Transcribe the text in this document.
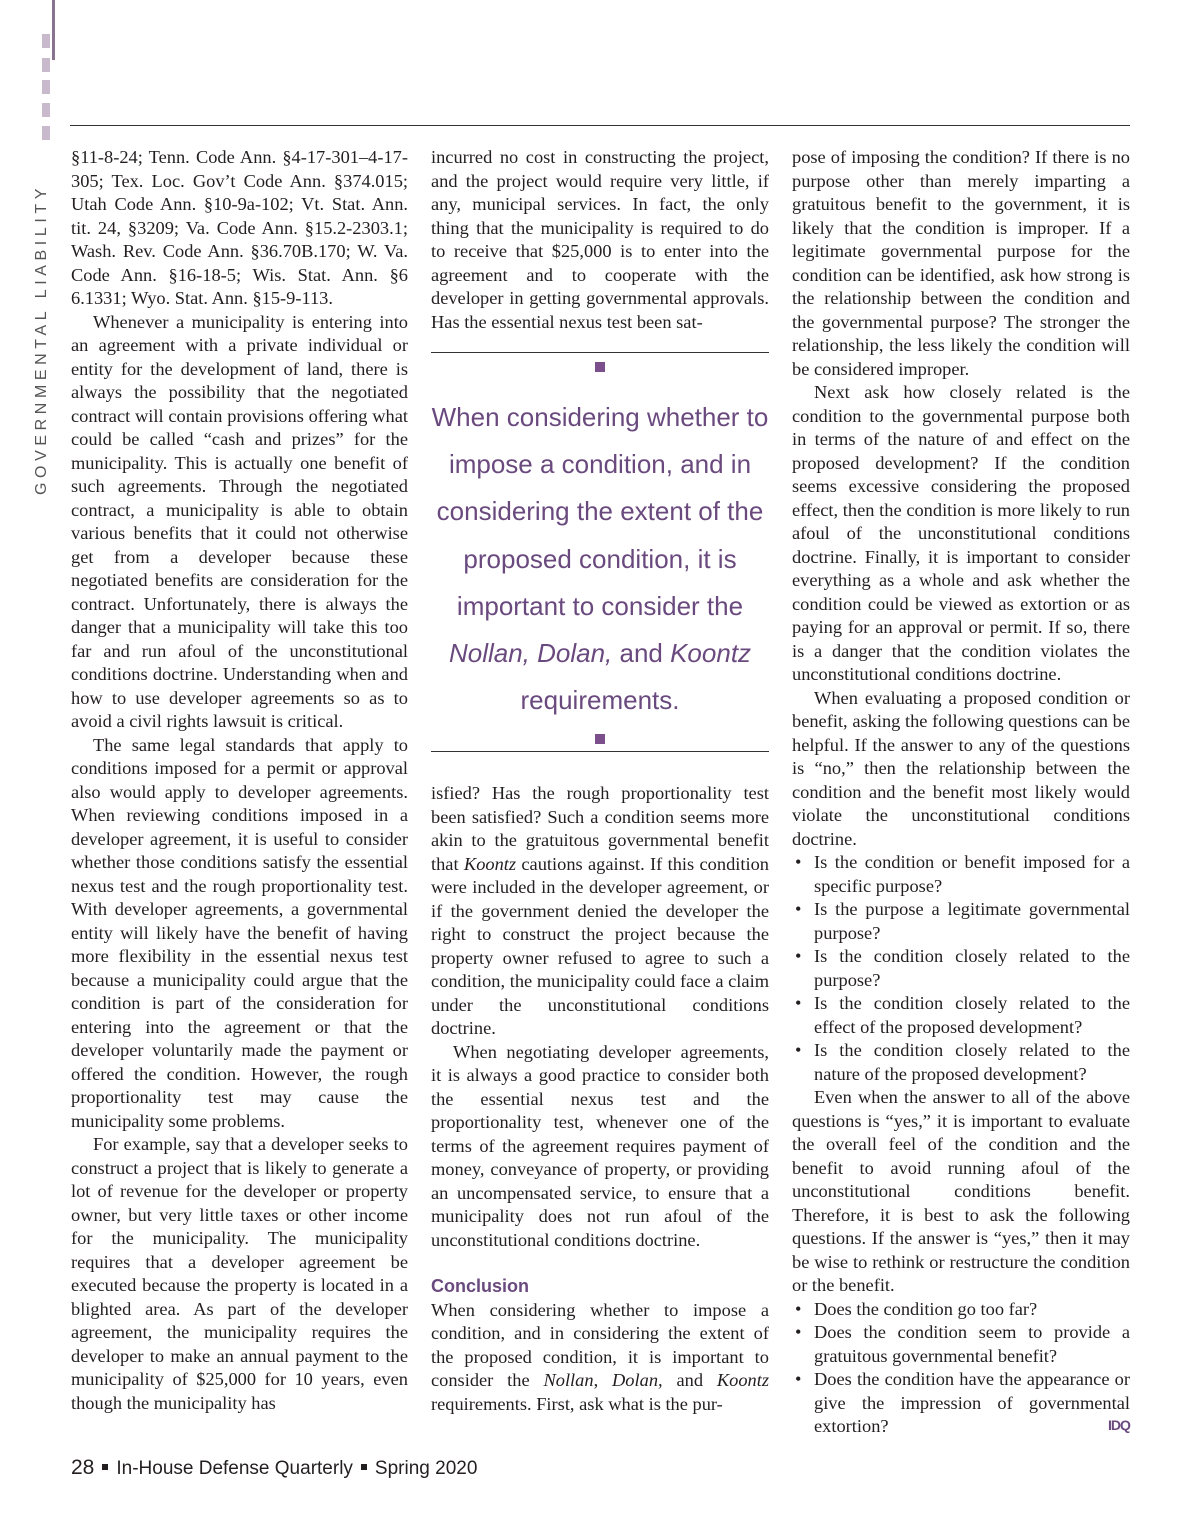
GOVERNMENTAL LIABILITY

§11-8-24; Tenn. Code Ann. §4-17-301–4-17-305; Tex. Loc. Gov’t Code Ann. §374.015; Utah Code Ann. §10-9a-102; Vt. Stat. Ann. tit. 24, §3209; Va. Code Ann. §15.2-2303.1; Wash. Rev. Code Ann. §36.70B.170; W. Va. Code Ann. §16-18-5; Wis. Stat. Ann. §6 6.1331; Wyo. Stat. Ann. §15-9-113.

Whenever a municipality is entering into an agreement with a private individual or entity for the development of land, there is always the possibility that the negotiated contract will contain provisions offering what could be called “cash and prizes” for the municipality. This is actually one benefit of such agreements. Through the negotiated contract, a municipality is able to obtain various benefits that it could not otherwise get from a developer because these negotiated benefits are consideration for the contract. Unfortunately, there is always the danger that a municipality will take this too far and run afoul of the unconstitutional conditions doctrine. Understanding when and how to use developer agreements so as to avoid a civil rights lawsuit is critical.

The same legal standards that apply to conditions imposed for a permit or approval also would apply to developer agreements. When reviewing conditions imposed in a developer agreement, it is useful to consider whether those conditions satisfy the essential nexus test and the rough proportionality test. With developer agreements, a governmental entity will likely have the benefit of having more flexibility in the essential nexus test because a municipality could argue that the condition is part of the consideration for entering into the agreement or that the developer voluntarily made the payment or offered the condition. However, the rough proportionality test may cause the municipality some problems.

For example, say that a developer seeks to construct a project that is likely to generate a lot of revenue for the developer or property owner, but very little taxes or other income for the municipality. The municipality requires that a developer agreement be executed because the property is located in a blighted area. As part of the developer agreement, the municipality requires the developer to make an annual payment to the municipality of $25,000 for 10 years, even though the municipality has

incurred no cost in constructing the project, and the project would require very little, if any, municipal services. In fact, the only thing that the municipality is required to do to receive that $25,000 is to enter into the agreement and to cooperate with the developer in getting governmental approvals. Has the essential nexus test been sat-

When considering whether to impose a condition, and in considering the extent of the proposed condition, it is important to consider the Nollan, Dolan, and Koontz requirements.

isfied? Has the rough proportionality test been satisfied? Such a condition seems more akin to the gratuitous governmental benefit that Koontz cautions against. If this condition were included in the developer agreement, or if the government denied the developer the right to construct the project because the property owner refused to agree to such a condition, the municipality could face a claim under the unconstitutional conditions doctrine.

When negotiating developer agreements, it is always a good practice to consider both the essential nexus test and the proportionality test, whenever one of the terms of the agreement requires payment of money, conveyance of property, or providing an uncompensated service, to ensure that a municipality does not run afoul of the unconstitutional conditions doctrine.

Conclusion

When considering whether to impose a condition, and in considering the extent of the proposed condition, it is important to consider the Nollan, Dolan, and Koontz requirements. First, ask what is the pur-

pose of imposing the condition? If there is no purpose other than merely imparting a gratuitous benefit to the government, it is likely that the condition is improper. If a legitimate governmental purpose for the condition can be identified, ask how strong is the relationship between the condition and the governmental purpose? The stronger the relationship, the less likely the condition will be considered improper.

Next ask how closely related is the condition to the governmental purpose both in terms of the nature of and effect on the proposed development? If the condition seems excessive considering the proposed effect, then the condition is more likely to run afoul of the unconstitutional conditions doctrine. Finally, it is important to consider everything as a whole and ask whether the condition could be viewed as extortion or as paying for an approval or permit. If so, there is a danger that the condition violates the unconstitutional conditions doctrine.

When evaluating a proposed condition or benefit, asking the following questions can be helpful. If the answer to any of the questions is “no,” then the relationship between the condition and the benefit most likely would violate the unconstitutional conditions doctrine.

• Is the condition or benefit imposed for a specific purpose?
• Is the purpose a legitimate governmental purpose?
• Is the condition closely related to the purpose?
• Is the condition closely related to the effect of the proposed development?
• Is the condition closely related to the nature of the proposed development?

Even when the answer to all of the above questions is “yes,” it is important to evaluate the overall feel of the condition and the benefit to avoid running afoul of the unconstitutional conditions benefit. Therefore, it is best to ask the following questions. If the answer is “yes,” then it may be wise to rethink or restructure the condition or the benefit.

• Does the condition go too far?
• Does the condition seem to provide a gratuitous governmental benefit?
• Does the condition have the appearance or give the impression of governmental extortion?	IDQ
28 In-House Defense Quarterly Spring 2020
